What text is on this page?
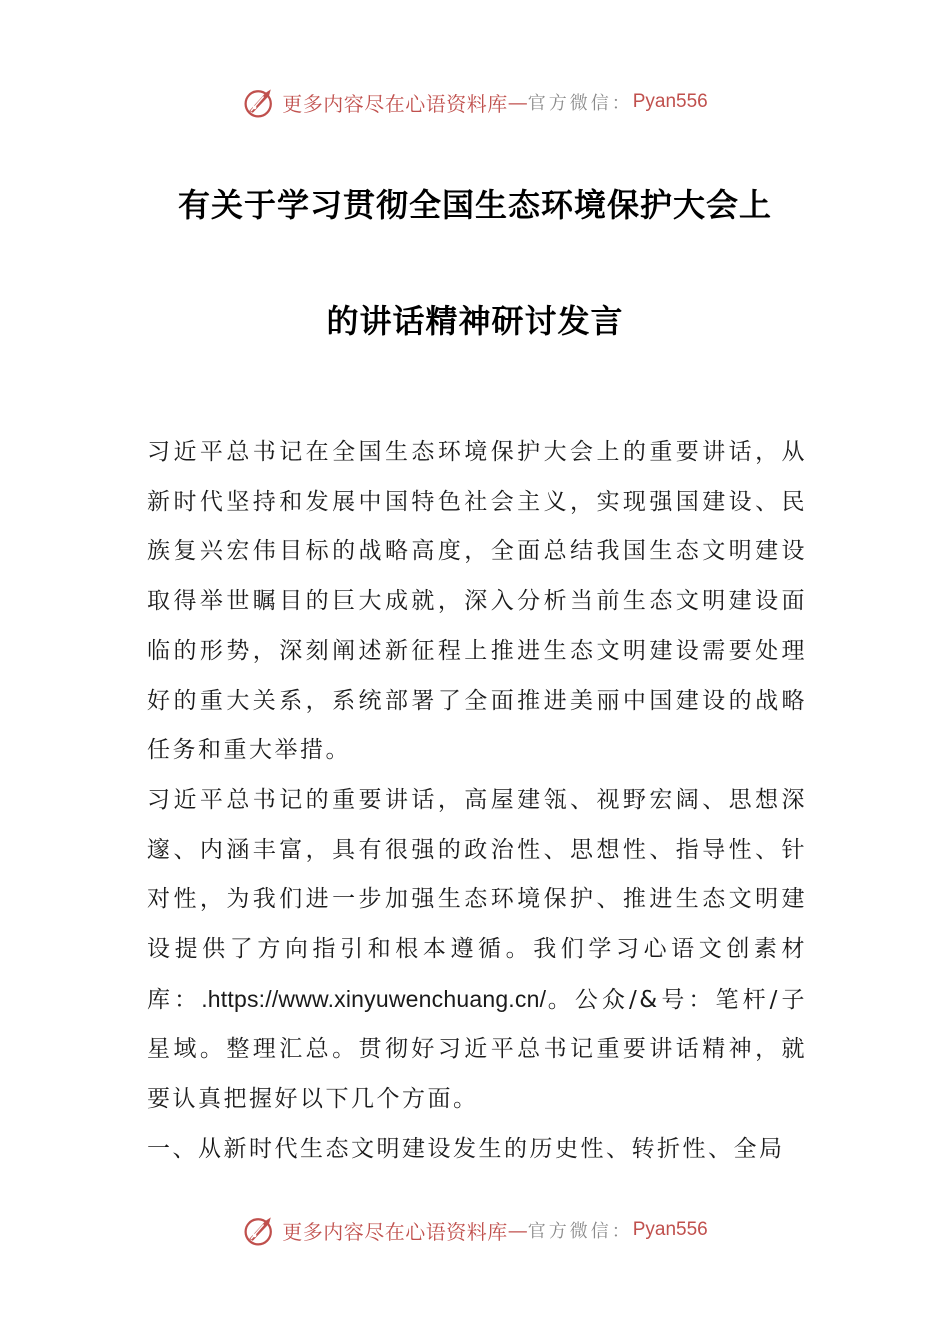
更多内容尽在心语资料库 — 官方微信： Pyan556
有关于学习贯彻全国生态环境保护大会上
的讲话精神研讨发言

习近平总书记在全国生态环境保护大会上的重要讲话，从新时代坚持和发展中国特色社会主义，实现强国建设、民族复兴宏伟目标的战略高度，全面总结我国生态文明建设取得举世瞩目的巨大成就，深入分析当前生态文明建设面临的形势，深刻阐述新征程上推进生态文明建设需要处理好的重大关系，系统部署了全面推进美丽中国建设的战略任务和重大举措。

习近平总书记的重要讲话，高屋建瓴、视野宏阔、思想深邃、内涵丰富，具有很强的政治性、思想性、指导性、针对性，为我们进一步加强生态环境保护、推进生态文明建设提供了方向指引和根本遵循。我们学习心语文创素材库：.https://www.xinyuwenchuang.cn/。公众/&号：笔杆/子星域。整理汇总。贯彻好习近平总书记重要讲话精神，就要认真把握好以下几个方面。

一、从新时代生态文明建设发生的历史性、转折性、全局

更多内容尽在心语资料库 — 官方微信： Pyan556
